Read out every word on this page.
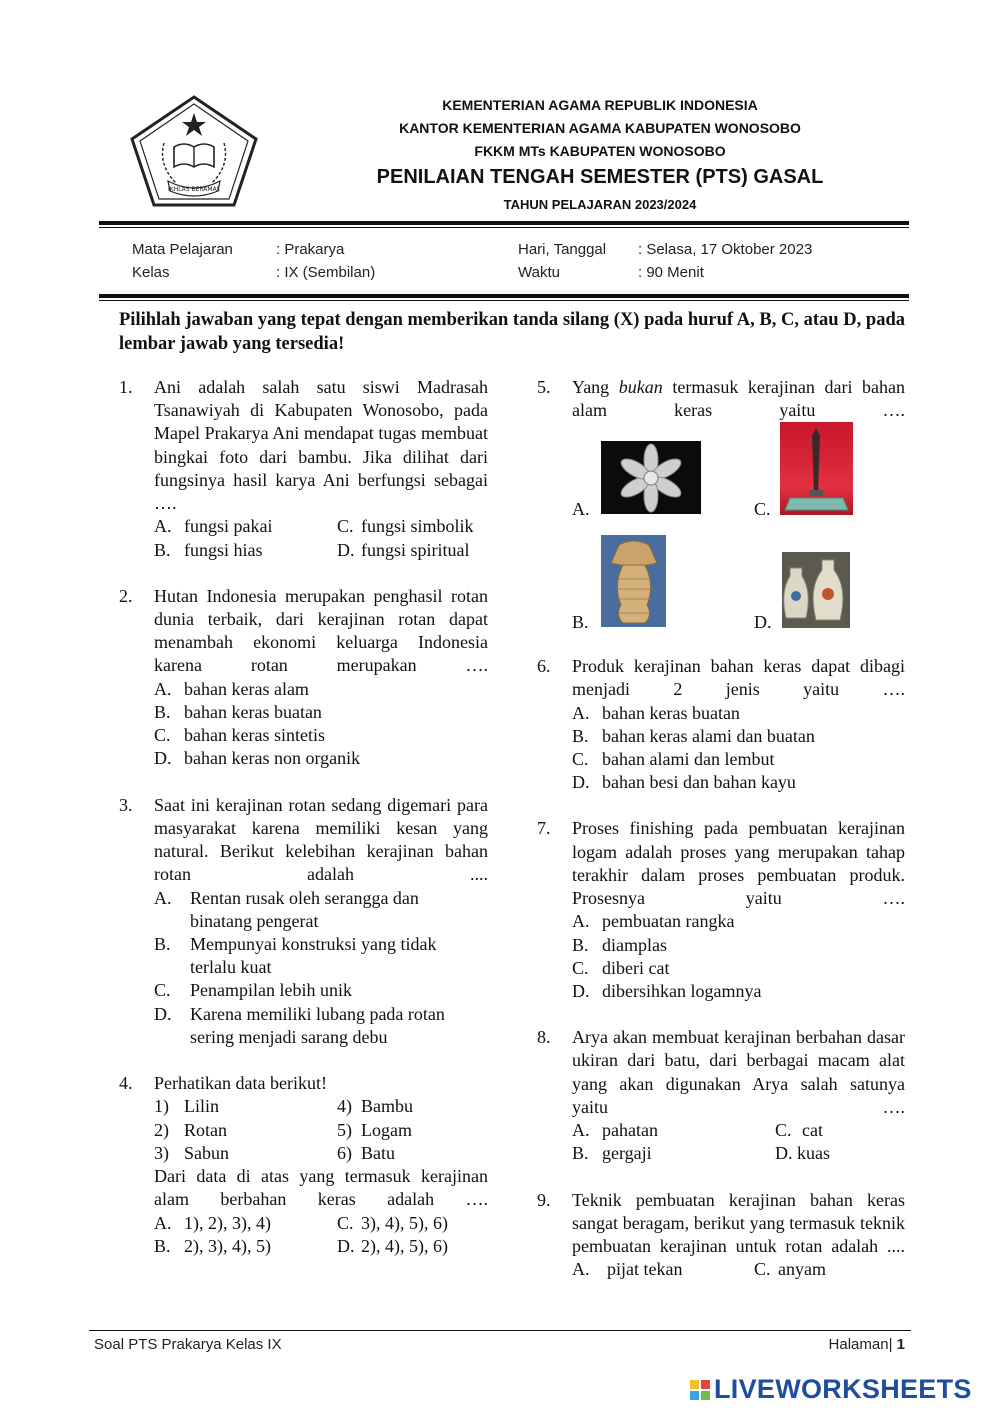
IKHLAS BERAMAL
KEMENTERIAN AGAMA REPUBLIK INDONESIA
KANTOR KEMENTERIAN AGAMA KABUPATEN WONOSOBO
FKKM MTs KABUPATEN WONOSOBO
PENILAIAN TENGAH SEMESTER (PTS) GASAL
TAHUN PELAJARAN 2023/2024
Mata Pelajaran	: Prakarya
Kelas	: IX (Sembilan)
Hari, Tanggal : Selasa, 17 Oktober 2023
Waktu	: 90 Menit
Pilihlah jawaban yang tepat dengan memberikan tanda silang (X) pada huruf A, B, C, atau D, pada lembar jawab yang tersedia!
1. Ani adalah salah satu siswi Madrasah Tsanawiyah di Kabupaten Wonosobo, pada Mapel Prakarya Ani mendapat tugas membuat bingkai foto dari bambu. Jika dilihat dari fungsinya hasil karya Ani berfungsi sebagai ….
A. fungsi pakai	C. fungsi simbolik
B. fungsi hias	D. fungsi spiritual
2. Hutan Indonesia merupakan penghasil rotan dunia terbaik, dari kerajinan rotan dapat menambah ekonomi keluarga Indonesia karena rotan merupakan ….
A. bahan keras alam
B. bahan keras buatan
C. bahan keras sintetis
D. bahan keras non organik
3. Saat ini kerajinan rotan sedang digemari para masyarakat karena memiliki kesan yang natural. Berikut kelebihan kerajinan bahan rotan adalah ....
A.	Rentan rusak oleh serangga dan binatang pengerat
B.	Mempunyai konstruksi yang tidak terlalu kuat
C.	Penampilan lebih unik
D.	Karena memiliki lubang pada rotan sering menjadi sarang debu
4. Perhatikan data berikut!
1) Lilin	4) Bambu
2) Rotan	5) Logam
3) Sabun	6) Batu
Dari data di atas yang termasuk kerajinan alam berbahan keras adalah ….
A. 1), 2), 3), 4)	C. 3), 4), 5), 6)
B. 2), 3), 4), 5)	D. 2), 4), 5), 6)
5. Yang bukan termasuk kerajinan dari bahan alam keras yaitu ….
6. Produk kerajinan bahan keras dapat dibagi menjadi 2 jenis yaitu ….
A. bahan keras buatan
B. bahan keras alami dan buatan
C. bahan alami dan lembut
D. bahan besi dan bahan kayu
7. Proses finishing pada pembuatan kerajinan logam adalah proses yang merupakan tahap terakhir dalam proses pembuatan produk. Prosesnya yaitu ….
A. pembuatan rangka
B. diamplas
C. diberi cat
D. dibersihkan logamnya
8. Arya akan membuat kerajinan berbahan dasar ukiran dari batu, dari berbagai macam alat yang akan digunakan Arya salah satunya yaitu ….
A. pahatan	C. cat
B. gergaji	D. kuas
9. Teknik pembuatan kerajinan bahan keras sangat beragam, berikut yang termasuk teknik pembuatan kerajinan untuk rotan adalah ....
A. pijat tekan	C. anyam
A.	C.
B.	D.
Soal PTS Prakarya Kelas IX	Halaman| 1
LIVEWORKSHEETS
